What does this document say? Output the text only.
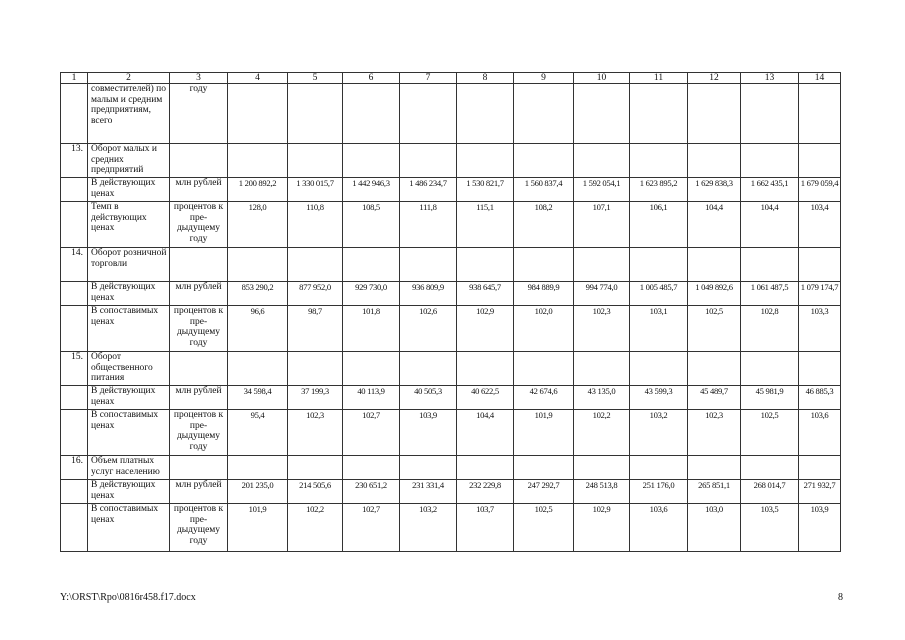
1	2	3	4	5	6	7	8	9	10	11	12	13	14
	совместителей) по малым и средним предприятиям, всего	году											
13.	Оборот малых и средних предприятий												
	В действующих ценах	млн рублей	1 200 892,2	1 330 015,7	1 442 946,3	1 486 234,7	1 530 821,7	1 560 837,4	1 592 054,1	1 623 895,2	1 629 838,3	1 662 435,1	1 679 059,4
	Темп в действующих ценах	процентов к пре-дыдущему году	128,0	110,8	108,5	111,8	115,1	108,2	107,1	106,1	104,4	104,4	103,4
14.	Оборот розничной торговли												
	В действующих ценах	млн рублей	853 290,2	877 952,0	929 730,0	936 809,9	938 645,7	984 889,9	994 774,0	1 005 485,7	1 049 892,6	1 061 487,5	1 079 174,7
	В сопоставимых ценах	процентов к пре-дыдущему году	96,6	98,7	101,8	102,6	102,9	102,0	102,3	103,1	102,5	102,8	103,3
15.	Оборот общественного питания												
	В действующих ценах	млн рублей	34 598,4	37 199,3	40 113,9	40 505,3	40 622,5	42 674,6	43 135,0	43 599,3	45 489,7	45 981,9	46 885,3
	В сопоставимых ценах	процентов к пре-дыдущему году	95,4	102,3	102,7	103,9	104,4	101,9	102,2	103,2	102,3	102,5	103,6
16.	Объем платных услуг населению												
	В действующих ценах	млн рублей	201 235,0	214 505,6	230 651,2	231 331,4	232 229,8	247 292,7	248 513,8	251 176,0	265 851,1	268 014,7	271 932,7
	В сопоставимых ценах	процентов к пре-дыдущему году	101,9	102,2	102,7	103,2	103,7	102,5	102,9	103,6	103,0	103,5	103,9
Y:\ORST\Rpo\0816r458.f17.docx	8
